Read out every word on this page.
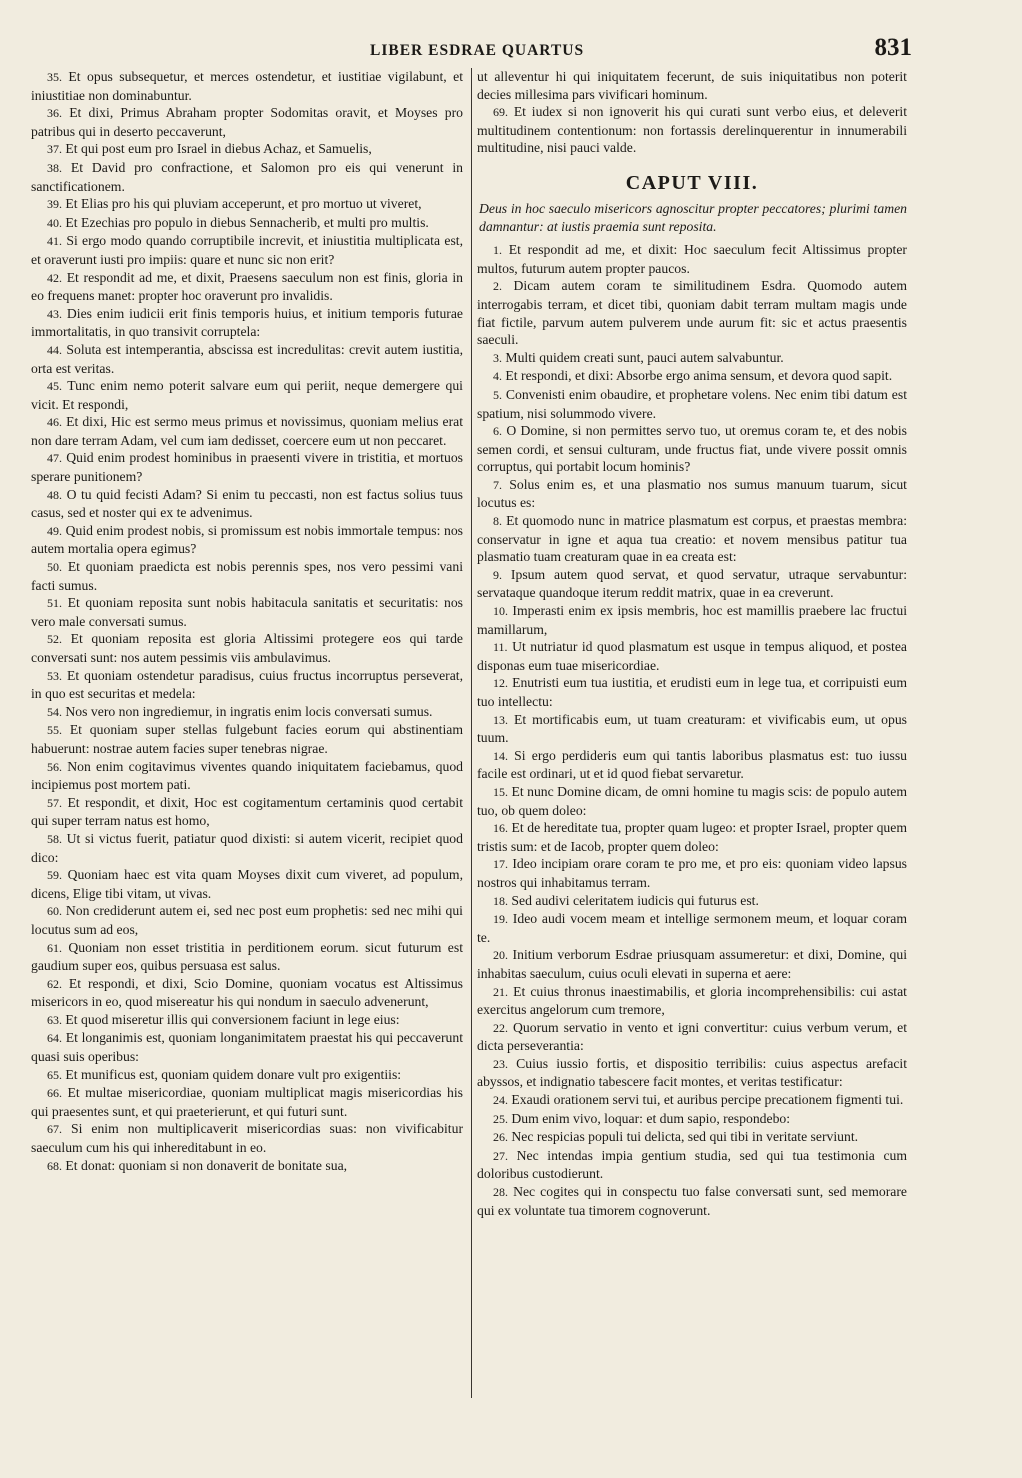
LIBER ESDRAE QUARTUS	831

35. Et opus subsequetur, et merces ostendetur, et iustitiae vigilabunt, et iniustitiae non dominabuntur.

36. Et dixi, Primus Abraham propter Sodomitas oravit, et Moyses pro patribus qui in deserto peccaverunt,

37. Et qui post eum pro Israel in diebus Achaz, et Samuelis,

38. Et David pro confractione, et Salomon pro eis qui venerunt in sanctificationem.

39. Et Elias pro his qui pluviam acceperunt, et pro mortuo ut viveret,

40. Et Ezechias pro populo in diebus Sennacherib, et multi pro multis.

41. Si ergo modo quando corruptibile increvit, et iniustitia multiplicata est, et oraverunt iusti pro impiis: quare et nunc sic non erit?

42. Et respondit ad me, et dixit, Praesens saeculum non est finis, gloria in eo frequens manet: propter hoc oraverunt pro invalidis.

43. Dies enim iudicii erit finis temporis huius, et initium temporis futurae immortalitatis, in quo transivit corruptela:

44. Soluta est intemperantia, abscissa est incredulitas: crevit autem iustitia, orta est veritas.

45. Tunc enim nemo poterit salvare eum qui periit, neque demergere qui vicit. Et respondi,

46. Et dixi, Hic est sermo meus primus et novissimus, quoniam melius erat non dare terram Adam, vel cum iam dedisset, coercere eum ut non peccaret.

47. Quid enim prodest hominibus in praesenti vivere in tristitia, et mortuos sperare punitionem?

48. O tu quid fecisti Adam? Si enim tu peccasti, non est factus solius tuus casus, sed et noster qui ex te advenimus.

49. Quid enim prodest nobis, si promissum est nobis immortale tempus: nos autem mortalia opera egimus?

50. Et quoniam praedicta est nobis perennis spes, nos vero pessimi vani facti sumus.

51. Et quoniam reposita sunt nobis habitacula sanitatis et securitatis: nos vero male conversati sumus.

52. Et quoniam reposita est gloria Altissimi protegere eos qui tarde conversati sunt: nos autem pessimis viis ambulavimus.

53. Et quoniam ostendetur paradisus, cuius fructus incorruptus perseverat, in quo est securitas et medela:

54. Nos vero non ingrediemur, in ingratis enim locis conversati sumus.

55. Et quoniam super stellas fulgebunt facies eorum qui abstinentiam habuerunt: nostrae autem facies super tenebras nigrae.

56. Non enim cogitavimus viventes quando iniquitatem faciebamus, quod incipiemus post mortem pati.

57. Et respondit, et dixit, Hoc est cogitamentum certaminis quod certabit qui super terram natus est homo,

58. Ut si victus fuerit, patiatur quod dixisti: si autem vicerit, recipiet quod dico:

59. Quoniam haec est vita quam Moyses dixit cum viveret, ad populum, dicens, Elige tibi vitam, ut vivas.

60. Non crediderunt autem ei, sed nec post eum prophetis: sed nec mihi qui locutus sum ad eos,

61. Quoniam non esset tristitia in perditionem eorum. sicut futurum est gaudium super eos, quibus persuasa est salus.

62. Et respondi, et dixi, Scio Domine, quoniam vocatus est Altissimus misericors in eo, quod misereatur his qui nondum in saeculo advenerunt,

63. Et quod miseretur illis qui conversionem faciunt in lege eius:

64. Et longanimis est, quoniam longanimitatem praestat his qui peccaverunt quasi suis operibus:

65. Et munificus est, quoniam quidem donare vult pro exigentiis:

66. Et multae misericordiae, quoniam multiplicat magis misericordias his qui praesentes sunt, et qui praeterierunt, et qui futuri sunt.

67. Si enim non multiplicaverit misericordias suas: non vivificabitur saeculum cum his qui inhereditabunt in eo.

68. Et donat: quoniam si non donaverit de bonitate sua,

ut alleventur hi qui iniquitatem fecerunt, de suis iniquitatibus non poterit decies millesima pars vivificari hominum.

69. Et iudex si non ignoverit his qui curati sunt verbo eius, et deleverit multitudinem contentionum: non fortassis derelinquerentur in innumerabili multitudine, nisi pauci valde.

CAPUT VIII.

Deus in hoc saeculo misericors agnoscitur propter peccatores; plurimi tamen damnantur: at iustis praemia sunt reposita.

1. Et respondit ad me, et dixit: Hoc saeculum fecit Altissimus propter multos, futurum autem propter paucos.

2. Dicam autem coram te similitudinem Esdra. Quomodo autem interrogabis terram, et dicet tibi, quoniam dabit terram multam magis unde fiat fictile, parvum autem pulverem unde aurum fit: sic et actus praesentis saeculi.

3. Multi quidem creati sunt, pauci autem salvabuntur.

4. Et respondi, et dixi: Absorbe ergo anima sensum, et devora quod sapit.

5. Convenisti enim obaudire, et prophetare volens. Nec enim tibi datum est spatium, nisi solummodo vivere.

6. O Domine, si non permittes servo tuo, ut oremus coram te, et des nobis semen cordi, et sensui culturam, unde fructus fiat, unde vivere possit omnis corruptus, qui portabit locum hominis?

7. Solus enim es, et una plasmatio nos sumus manuum tuarum, sicut locutus es:

8. Et quomodo nunc in matrice plasmatum est corpus, et praestas membra: conservatur in igne et aqua tua creatio: et novem mensibus patitur tua plasmatio tuam creaturam quae in ea creata est:

9. Ipsum autem quod servat, et quod servatur, utraque servabuntur: servataque quandoque iterum reddit matrix, quae in ea creverunt.

10. Imperasti enim ex ipsis membris, hoc est mamillis praebere lac fructui mamillarum,

11. Ut nutriatur id quod plasmatum est usque in tempus aliquod, et postea disponas eum tuae misericordiae.

12. Enutristi eum tua iustitia, et erudisti eum in lege tua, et corripuisti eum tuo intellectu:

13. Et mortificabis eum, ut tuam creaturam: et vivificabis eum, ut opus tuum.

14. Si ergo perdideris eum qui tantis laboribus plasmatus est: tuo iussu facile est ordinari, ut et id quod fiebat servaretur.

15. Et nunc Domine dicam, de omni homine tu magis scis: de populo autem tuo, ob quem doleo:

16. Et de hereditate tua, propter quam lugeo: et propter Israel, propter quem tristis sum: et de Iacob, propter quem doleo:

17. Ideo incipiam orare coram te pro me, et pro eis: quoniam video lapsus nostros qui inhabitamus terram.

18. Sed audivi celeritatem iudicis qui futurus est.

19. Ideo audi vocem meam et intellige sermonem meum, et loquar coram te.

20. Initium verborum Esdrae priusquam assumeretur: et dixi, Domine, qui inhabitas saeculum, cuius oculi elevati in superna et aere:

21. Et cuius thronus inaestimabilis, et gloria incomprehensibilis: cui astat exercitus angelorum cum tremore,

22. Quorum servatio in vento et igni convertitur: cuius verbum verum, et dicta perseverantia:

23. Cuius iussio fortis, et dispositio terribilis: cuius aspectus arefacit abyssos, et indignatio tabescere facit montes, et veritas testificatur:

24. Exaudi orationem servi tui, et auribus percipe precationem figmenti tui.

25. Dum enim vivo, loquar: et dum sapio, respondebo:

26. Nec respicias populi tui delicta, sed qui tibi in veritate serviunt.

27. Nec intendas impia gentium studia, sed qui tua testimonia cum doloribus custodierunt.

28. Nec cogites qui in conspectu tuo false conversati sunt, sed memorare qui ex voluntate tua timorem cognoverunt.
